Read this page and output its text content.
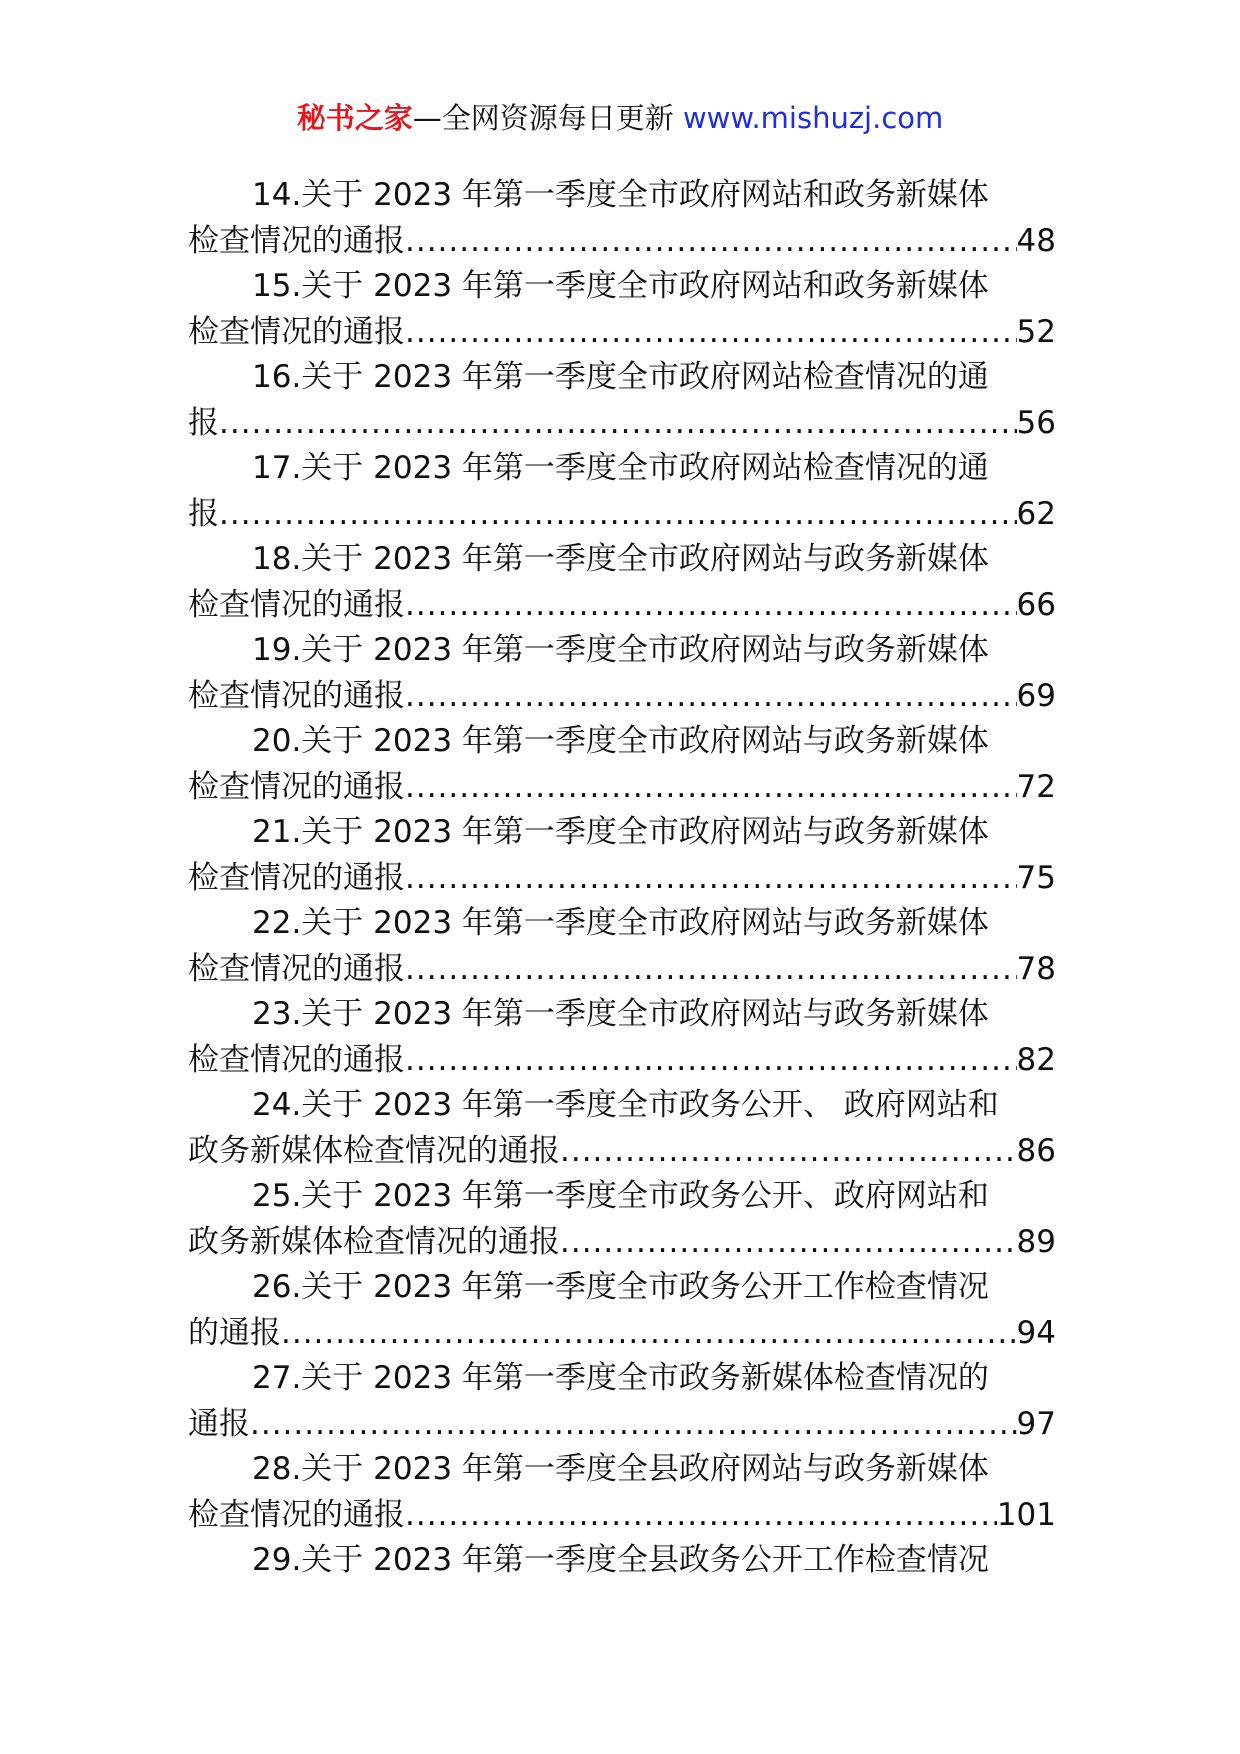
秘书之家—全网资源每日更新 www.mishuzj.com
14.关于 2023 年第一季度全市政府网站和政务新媒体
检查情况的通报 .....	48
15.关于 2023 年第一季度全市政府网站和政务新媒体
检查情况的通报 .....	52
16.关于 2023 年第一季度全市政府网站检查情况的通
报 .....	56
17.关于 2023 年第一季度全市政府网站检查情况的通
报 .....	62
18.关于 2023 年第一季度全市政府网站与政务新媒体
检查情况的通报 .....	66
19.关于 2023 年第一季度全市政府网站与政务新媒体
检查情况的通报 .....	69
20.关于 2023 年第一季度全市政府网站与政务新媒体
检查情况的通报 .....	72
21.关于 2023 年第一季度全市政府网站与政务新媒体
检查情况的通报 .....	75
22.关于 2023 年第一季度全市政府网站与政务新媒体
检查情况的通报 .....	78
23.关于 2023 年第一季度全市政府网站与政务新媒体
检查情况的通报 .....	82
24.关于 2023 年第一季度全市政务公开、 政府网站和
政务新媒体检查情况的通报 .....	86
25.关于 2023 年第一季度全市政务公开、政府网站和
政务新媒体检查情况的通报 .....	89
26.关于 2023 年第一季度全市政务公开工作检查情况
的通报 .....	94
27.关于 2023 年第一季度全市政务新媒体检查情况的
通报 .....	97
28.关于 2023 年第一季度全县政府网站与政务新媒体
检查情况的通报 .....	101
29.关于 2023 年第一季度全县政务公开工作检查情况
